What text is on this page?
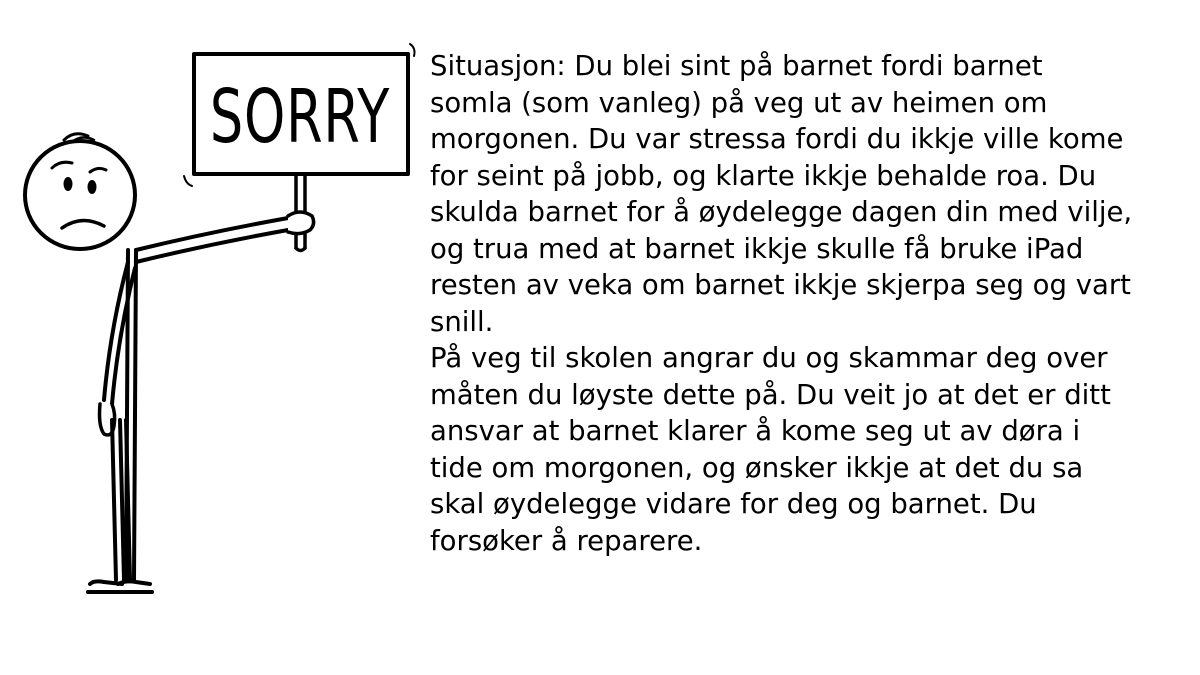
SORRY
Situasjon: Du blei sint på barnet fordi barnet
somla (som vanleg) på veg ut av heimen om
morgonen. Du var stressa fordi du ikkje ville kome
for seint på jobb, og klarte ikkje behalde roa. Du
skulda barnet for å øydelegge dagen din med vilje,
og trua med at barnet ikkje skulle få bruke iPad
resten av veka om barnet ikkje skjerpa seg og vart
snill.
På veg til skolen angrar du og skammar deg over
måten du løyste dette på. Du veit jo at det er ditt
ansvar at barnet klarer å kome seg ut av døra i
tide om morgonen, og ønsker ikkje at det du sa
skal øydelegge vidare for deg og barnet. Du
forsøker å reparere.
